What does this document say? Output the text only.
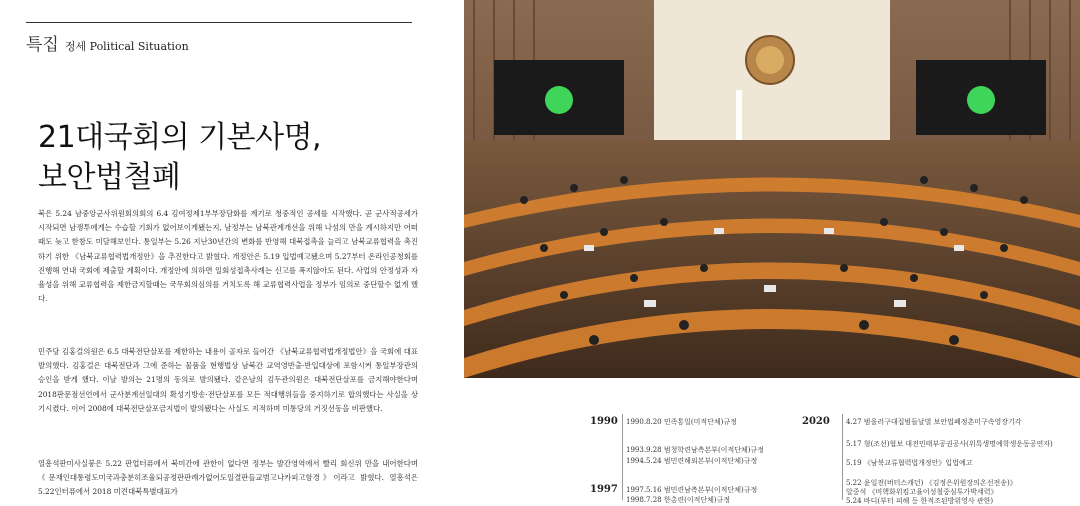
특집 정세 Political Situation
21대국회의 기본사명,
보안법철폐
북은 5.24 남중앙군사위원회의회의 6.4 김여정제1부부장담화를 계기로 청중적인 공세를 시작했다. 곧 군사적공세가 시작되면 남쟁투에게는 수습할 기회가 없어보이게됐는지, 남정부는 남북관계개선을 위해 나섬의 만을 계시하지만 어떠 때도 늦고 한참도 미달해보인다. 통일부는 5.26 지난30년간의 변화를 반영해 대북접촉을 늘리고 남북교류협력을 촉진하기 위한 《남북교류협력법개정안》을 추진한다고 밝혔다. 개정안은 5.19 입법예고됐으며 5.27부터 온라인공청회를 진행해 연내 국회에 제출할 계획이다. 개정안에 의하면 일회성접촉사례는 신고를 폭지않아도 된다. 사업의 안정성과 자율성을 위해 교류협력을 제한금지할때는 국무회의심의를 거치도록 해 교류협력사업을 정부가 임의로 중단할수 없게 했다.
민주당 김홍걸의원은 6.5 대북전단살포를 제한하는 내용이 골자로 들어간 《남북교류협력법개정법안》을 국회에 대표발의했다. 김홍걸은 대북전단과 그에 준하는 물품을 현행법상 남북간 교역영반출·반입대상에 포함시켜 통일부장관의 승인을 받게 했다. 이날 발의는 21명의 동의로 발의됐다. 같은날의 김두관의원은 대북전단살포를 금지해야한다며 2018판문점선언에서 군사분계선일대의 확성기방송·전단살포를 모든 적대행위들을 중지하기로 합의했다는 사실을 상기시켰다. 이어 2008에 대북전단살포금지법이 발의됐다는 사실도 지적하며 미통당의 거짓선동을 비판했다.
열흥석판미사실붕은 5.22 판업터퓨에서 북미간에 관한이 없다면 정부는 발간영역에서 빨리 회신위 만을 내어한다며 《문재인대통령도미국과충분히조율되공정판판례가없어도일결판들교범고나카피고함경》이라고 밝혔다. 열흥석은 5.22인터퓨에서 2018 미견대북특별대표가
1990 1990.8.20 민족통일(미적단체)규정
1993.9.28 범청학련남측본부(이적단체)규정
1994.5.24 범민련해외본부(이적단체)규정
1997 1997.5.16 범민련남측본부(이적단체)규정
1998.7.28 한총련(이적단체)규정
2020 4.27 범을러구대집범들날벌 보안법폐정촌미구속영장기각
5.17 형(조선)협보 대전민태부공권공사(위특생명예학생운동공연자)
5.19 《남북교류협력법개정안》입법예고
5.22 윤일전(버터스캐던) 《김정은위원장의온선전송)》
알중석 《비핵화위킴고율이성철중심투가박세력》
5.24 바디(부터 피해 등 한적조된방위영사 관한)
